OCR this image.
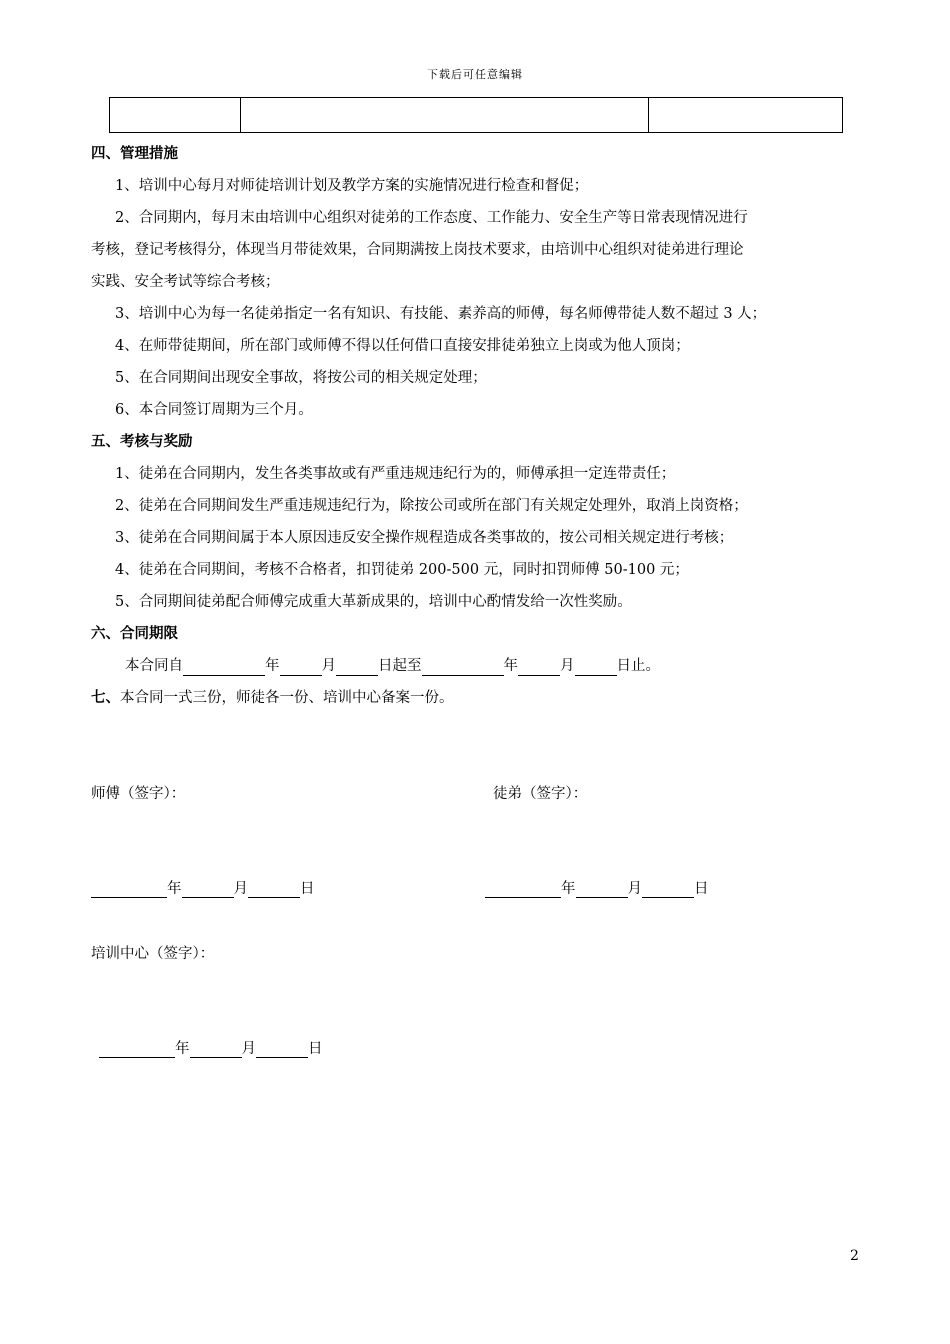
下载后可任意编辑

四、管理措施
1、培训中心每月对师徒培训计划及教学方案的实施情况进行检查和督促；
2、合同期内，每月末由培训中心组织对徒弟的工作态度、工作能力、安全生产等日常表现情况进行
考核，登记考核得分，体现当月带徒效果，合同期满按上岗技术要求，由培训中心组织对徒弟进行理论
实践、安全考试等综合考核；
3、培训中心为每一名徒弟指定一名有知识、有技能、素养高的师傅，每名师傅带徒人数不超过 3 人；
4、在师带徒期间，所在部门或师傅不得以任何借口直接安排徒弟独立上岗或为他人顶岗；
5、在合同期间出现安全事故，将按公司的相关规定处理；
6、本合同签订周期为三个月。
五、考核与奖励
1、徒弟在合同期内，发生各类事故或有严重违规违纪行为的，师傅承担一定连带责任；
2、徒弟在合同期间发生严重违规违纪行为，除按公司或所在部门有关规定处理外，取消上岗资格；
3、徒弟在合同期间属于本人原因违反安全操作规程造成各类事故的，按公司相关规定进行考核；
4、徒弟在合同期间，考核不合格者，扣罚徒弟 200-500 元，同时扣罚师傅 50-100 元；
5、合同期间徒弟配合师傅完成重大革新成果的，培训中心酌情发给一次性奖励。
六、合同期限
本合同自	年	月	日起至	年	月	日止。
七、本合同一式三份，师徒各一份、培训中心备案一份。
师傅（签字）：	徒弟（签字）：
年	月	日	年	月	日
培训中心（签字）：
年	月	日
2
